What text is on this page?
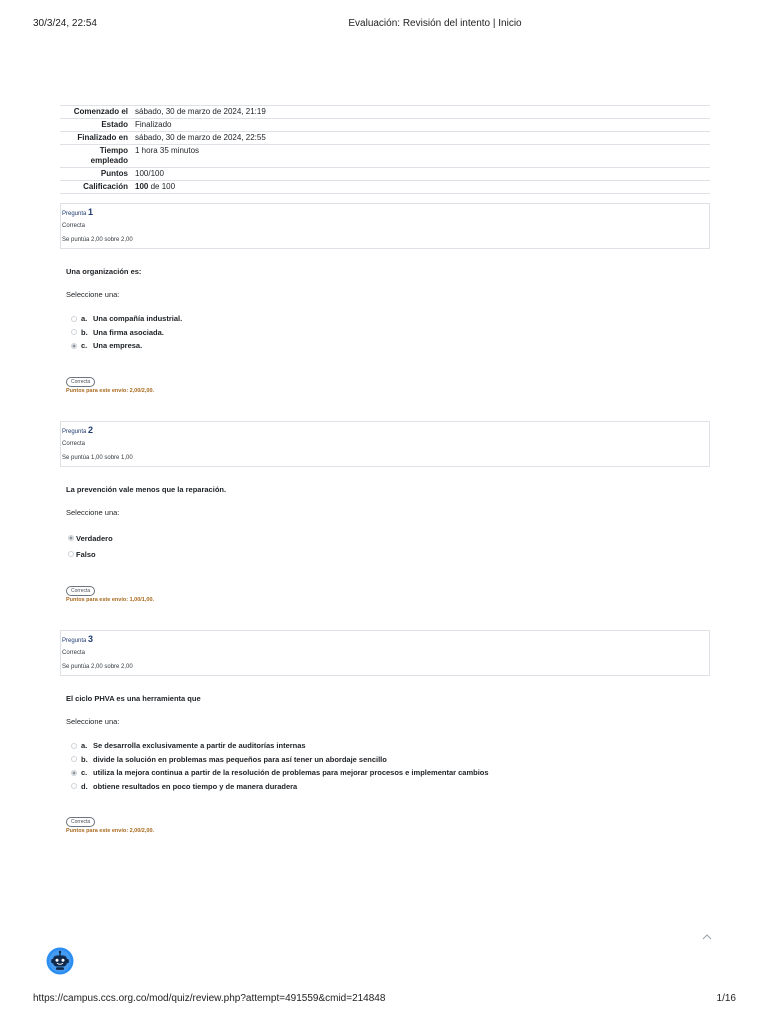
30/3/24, 22:54	Evaluación: Revisión del intento | Inicio
Comenzado el sábado, 30 de marzo de 2024, 21:19
Estado Finalizado
Finalizado en sábado, 30 de marzo de 2024, 22:55
Tiempo empleado
1 hora 35 minutos
Puntos 100/100
Calificación 100 de 100
Pregunta 1
Correcta
Se puntúa 2,00 sobre 2,00
Una organización es:
Seleccione una:
a. Una compañía industrial.
b. Una firma asociada.
c. Una empresa.
Correcta
Puntos para este envío: 2,00/2,00.
Pregunta 2
Correcta
Se puntúa 1,00 sobre 1,00
La prevención vale menos que la reparación.
Seleccione una:
Verdadero
Falso
Correcta
Puntos para este envío: 1,00/1,00.
Pregunta 3
Correcta
Se puntúa 2,00 sobre 2,00
El ciclo PHVA es una herramienta que
Seleccione una:
a. Se desarrolla exclusivamente a partir de auditorías internas
b. divide la solución en problemas mas pequeños para así tener un abordaje sencillo
c. utiliza la mejora continua a partir de la resolución de problemas para mejorar procesos e implementar cambios
d. obtiene resultados en poco tiempo y de manera duradera
Correcta
Puntos para este envío: 2,00/2,00.
https://campus.ccs.org.co/mod/quiz/review.php?attempt=491559&cmid=214848	1/16
